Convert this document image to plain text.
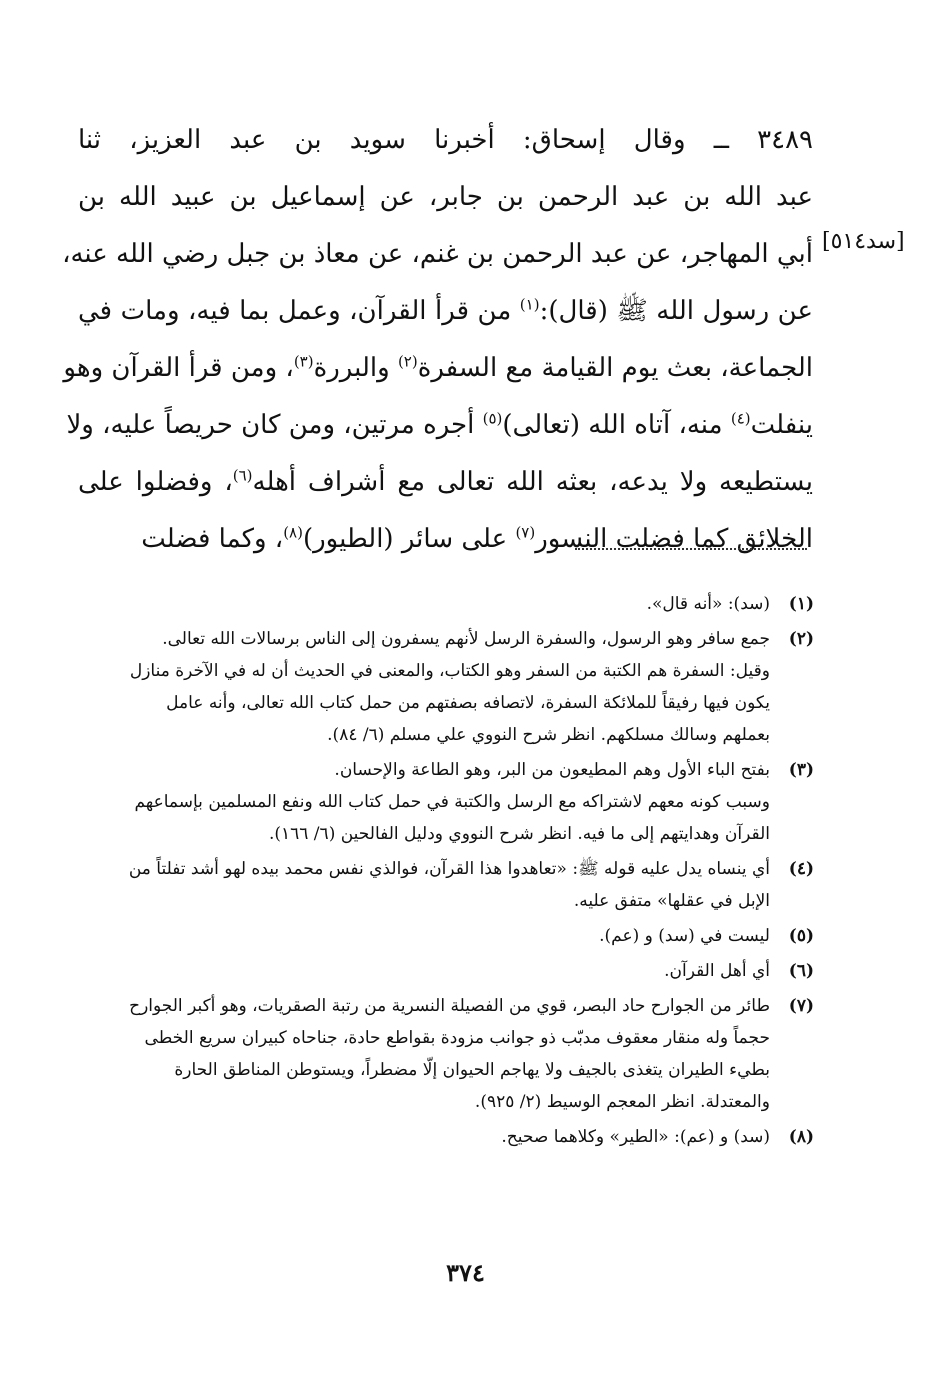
[سد٥١٤]
٣٤٨٩ ــ وقال إسحاق: أخبرنا سويد بن عبد العزيز، ثنا
عبد الله بن عبد الرحمن بن جابر، عن إسماعيل بن عبيد الله بن
أبي المهاجر، عن عبد الرحمن بن غنم، عن معاذ بن جبل رضي الله عنه،
عن رسول الله ﷺ (قال):$^{(١)}$ من قرأ القرآن، وعمل بما فيه، ومات في
الجماعة، بعث يوم القيامة مع السفرة$^{(٢)}$ والبررة$^{(٣)}$، ومن قرأ القرآن وهو
ينفلت$^{(٤)}$ منه، آتاه الله (تعالى)$^{(٥)}$ أجره مرتين، ومن كان حريصاً عليه، ولا
يستطيعه ولا يدعه، بعثه الله تعالى مع أشراف أهله$^{(٦)}$، وفضلوا على
الخلائق كما فضلت النسور$^{(٧)}$ على سائر (الطيور)$^{(٨)}$، وكما فضلت
(١)
(سد): «أنه قال».
(٢)
جمع سافر وهو الرسول، والسفرة الرسل لأنهم يسفرون إلى الناس برسالات الله تعالى.
وقيل: السفرة هم الكتبة من السفر وهو الكتاب، والمعنى في الحديث أن له في الآخرة منازل
يكون فيها رفيقاً للملائكة السفرة، لاتصافه بصفتهم من حمل كتاب الله تعالى، وأنه عامل
بعملهم وسالك مسلكهم. انظر شرح النووي علي مسلم (٦/ ٨٤).
(٣)
بفتح الباء الأول وهم المطيعون من البر، وهو الطاعة والإحسان.
وسبب كونه معهم لاشتراكه مع الرسل والكتبة في حمل كتاب الله ونفع المسلمين بإسماعهم
القرآن وهدايتهم إلى ما فيه. انظر شرح النووي ودليل الفالحين (٦/ ١٦٦).
(٤)
أي ينساه يدل عليه قوله ﷺ: «تعاهدوا هذا القرآن، فوالذي نفس محمد بيده لهو أشد تفلتاً من
الإبل في عقلها» متفق عليه.
(٥)
ليست في (سد) و (عم).
(٦)
أي أهل القرآن.
(٧)
طائر من الجوارح حاد البصر، قوي من الفصيلة النسرية من رتبة الصقريات، وهو أكبر الجوارح
حجماً وله منقار معقوف مدبّب ذو جوانب مزودة بقواطع حادة، جناحاه كبيران سريع الخطى
بطيء الطيران يتغذى بالجيف ولا يهاجم الحيوان إلّا مضطراً، ويستوطن المناطق الحارة
والمعتدلة. انظر المعجم الوسيط (٢/ ٩٢٥).
(٨)
(سد) و (عم): «الطير» وكلاهما صحيح.
٣٧٤
